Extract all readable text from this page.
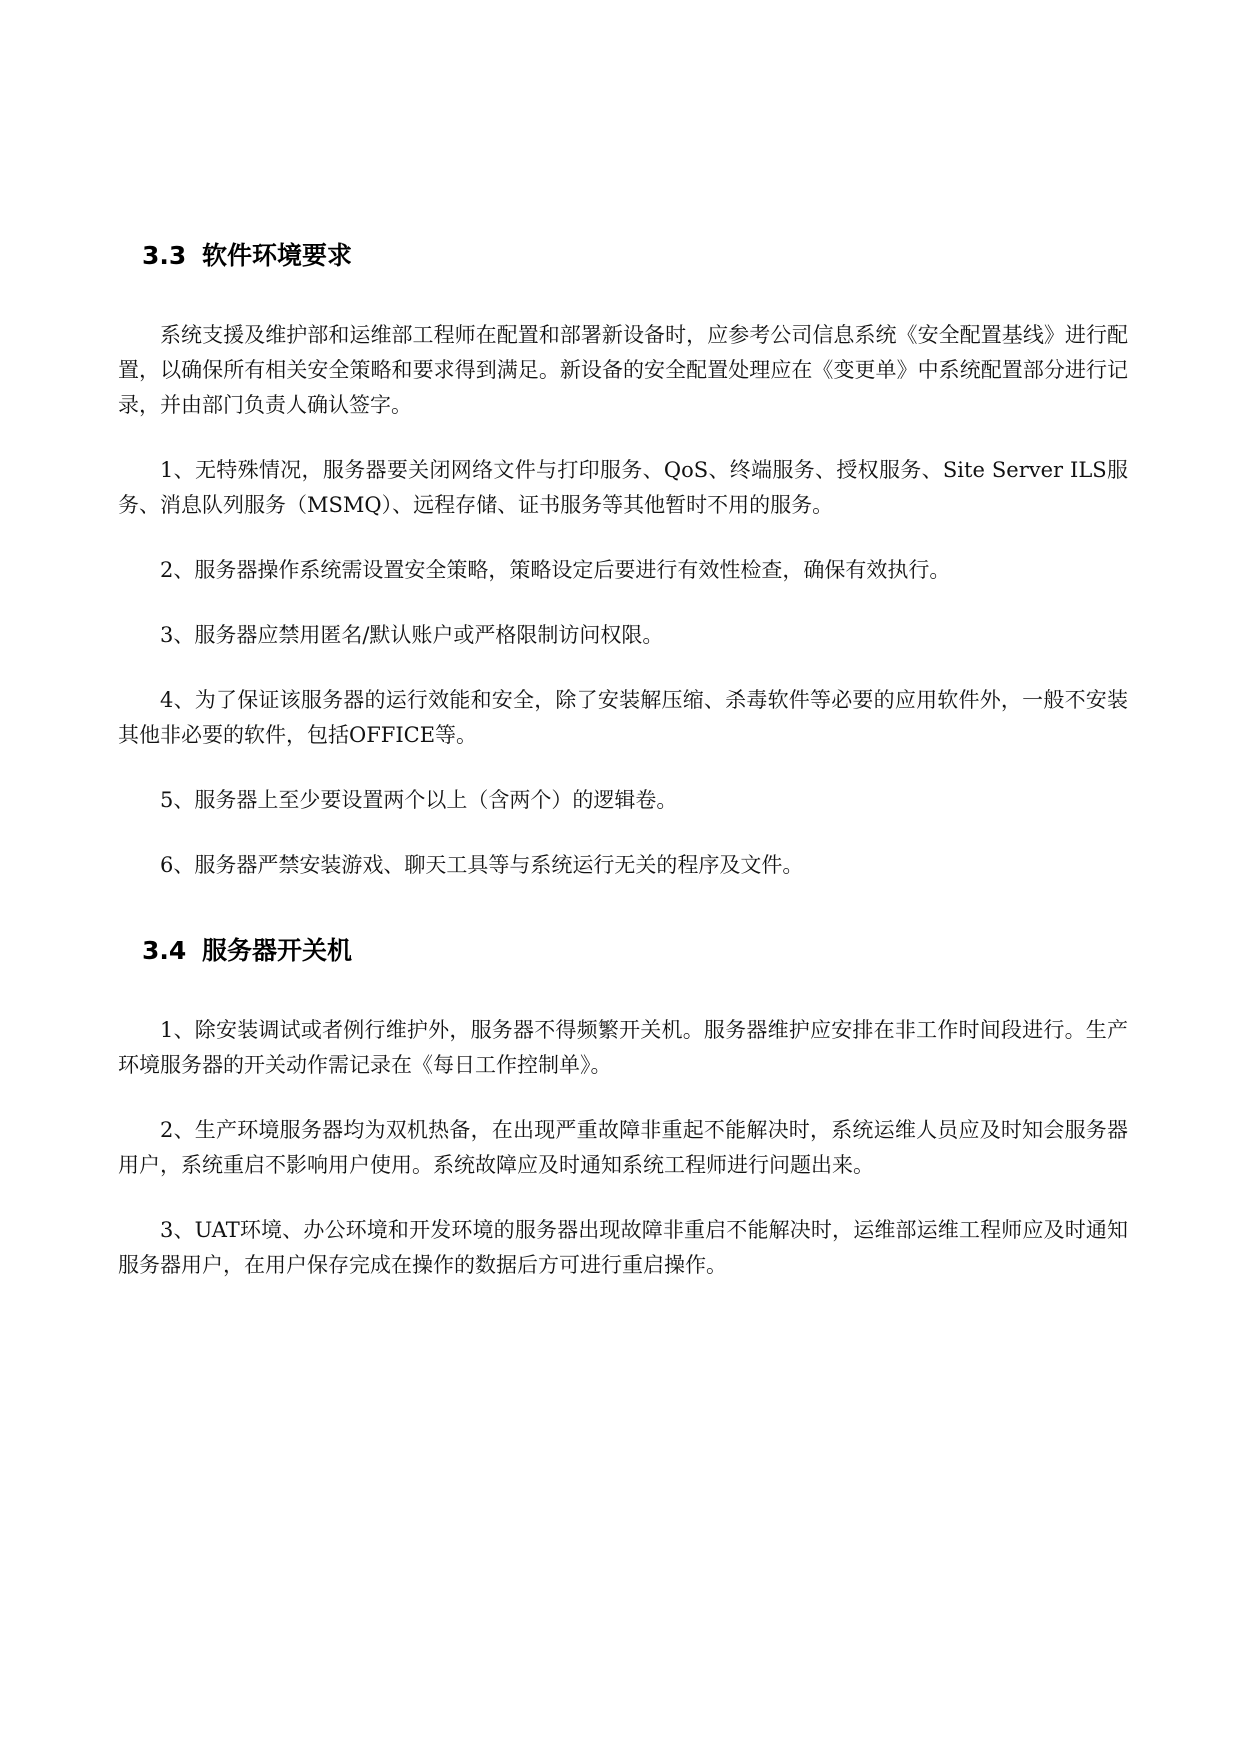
3.3 软件环境要求

系统支援及维护部和运维部工程师在配置和部署新设备时，应参考公司信息系统《安全配置基线》进行配置，以确保所有相关安全策略和要求得到满足。新设备的安全配置处理应在《变更单》中系统配置部分进行记录，并由部门负责人确认签字。

1、无特殊情况，服务器要关闭网络文件与打印服务、QoS、终端服务、授权服务、Site Server ILS服务、消息队列服务（MSMQ）、远程存储、证书服务等其他暂时不用的服务。

2、服务器操作系统需设置安全策略，策略设定后要进行有效性检查，确保有效执行。

3、服务器应禁用匿名/默认账户或严格限制访问权限。

4、为了保证该服务器的运行效能和安全，除了安装解压缩、杀毒软件等必要的应用软件外，一般不安装其他非必要的软件，包括OFFICE等。

5、服务器上至少要设置两个以上（含两个）的逻辑卷。

6、服务器严禁安装游戏、聊天工具等与系统运行无关的程序及文件。

3.4 服务器开关机

1、除安装调试或者例行维护外，服务器不得频繁开关机。服务器维护应安排在非工作时间段进行。生产环境服务器的开关动作需记录在《每日工作控制单》。

2、生产环境服务器均为双机热备，在出现严重故障非重起不能解决时，系统运维人员应及时知会服务器用户，系统重启不影响用户使用。系统故障应及时通知系统工程师进行问题出来。

3、UAT环境、办公环境和开发环境的服务器出现故障非重启不能解决时，运维部运维工程师应及时通知服务器用户，在用户保存完成在操作的数据后方可进行重启操作。
